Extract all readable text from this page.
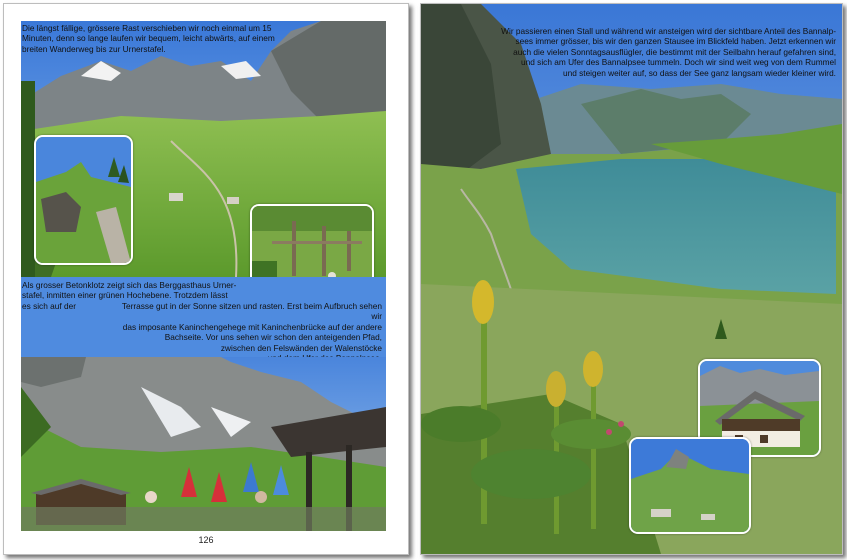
Die längst fällige, grössere Rast verschieben wir noch einmal um 15
Minuten, denn so lange laufen wir bequem, leicht abwärts, auf einem
breiten Wanderweg bis zur Urnerstafel.
Als grosser Betonklotz zeigt sich das Berggasthaus Urner-
stafel, inmitten einer grünen Hochebene. Trotzdem lässt
es sich auf der	Terrasse gut in der Sonne sitzen und rasten. Erst beim Aufbruch sehen wir
das imposante Kaninchengehege mit Kaninchenbrücke auf der andere
Bachseite. Vor uns sehen wir schon den anteigenden Pfad,
zwischen den Felswänden der Walenstöcke
126
Wir passieren einen Stall und während wir ansteigen wird der sichtbare Anteil des Bannalp-
sees immer grösser, bis wir den ganzen Stausee im Blickfeld haben. Jetzt erkennen wir
auch die vielen Sonntagsausflügler, die bestimmt mit der Seilbahn herauf gefahren sind,
und sich am Ufer des Bannalpsee tummeln. Doch wir sind weit weg von dem Rummel
und steigen weiter auf, so dass der See ganz langsam wieder kleiner wird.
